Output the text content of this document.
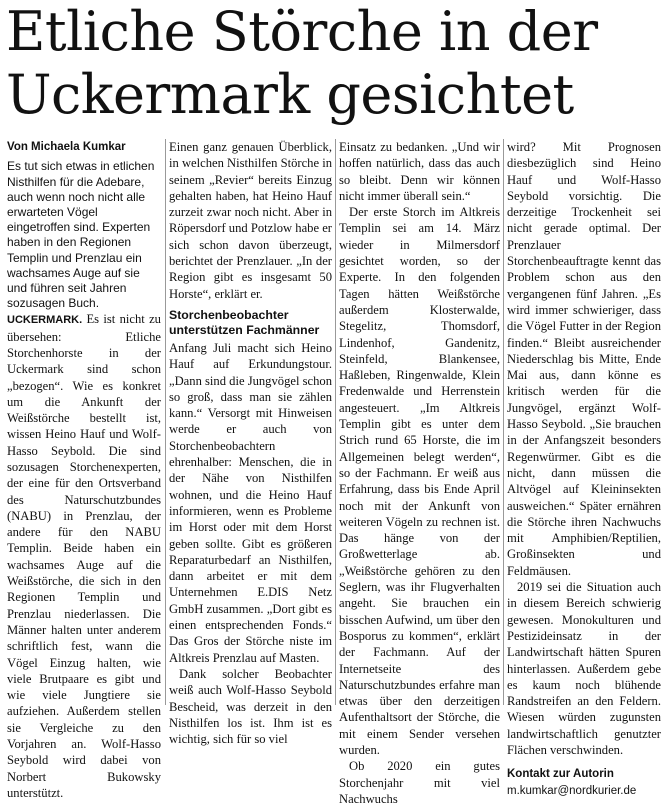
Etliche Störche in der
Uckermark gesichtet
Von Michaela Kumkar

Es tut sich etwas in etlichen Nisthilfen für die Adebare, auch wenn noch nicht alle erwarteten Vögel eingetroffen sind. Experten haben in den Regionen Templin und Prenzlau ein wachsames Auge auf sie und führen seit Jahren sozusagen Buch.

UCKERMARK. Es ist nicht zu übersehen: Etliche Storchenhorste in der Uckermark sind schon „bezogen“. Wie es konkret um die Ankunft der Weißstörche bestellt ist, wissen Heino Hauf und Wolf-Hasso Seybold. Die sind sozusagen Storchenexperten, der eine für den Ortsverband des Naturschutzbundes (NABU) in Prenzlau, der andere für den NABU Templin. Beide haben ein wachsames Auge auf die Weißstörche, die sich in den Regionen Templin und Prenzlau niederlassen. Die Männer halten unter anderem schriftlich fest, wann die Vögel Einzug halten, wie viele Brutpaare es gibt und wie viele Jungtiere sie aufziehen. Außerdem stellen sie Vergleiche zu den Vorjahren an. Wolf-Hasso Seybold wird dabei von Norbert Bukowsky unterstützt.

Einen ganz genauen Überblick, in welchen Nisthilfen Störche in seinem „Revier“ bereits Einzug gehalten haben, hat Heino Hauf zurzeit zwar noch nicht. Aber in Röpersdorf und Potzlow habe er sich schon davon überzeugt, berichtet der Prenzlauer. „In der Region gibt es insgesamt 50 Horste“, erklärt er.

Storchenbeobachter unterstützen Fachmänner

Anfang Juli macht sich Heino Hauf auf Erkundungstour. „Dann sind die Jungvögel schon so groß, dass man sie zählen kann.“ Versorgt mit Hinweisen werde er auch von Storchenbeobachtern ehrenhalber: Menschen, die in der Nähe von Nisthilfen wohnen, und die Heino Hauf informieren, wenn es Probleme im Horst oder mit dem Horst geben sollte. Gibt es größeren Reparaturbedarf an Nisthilfen, dann arbeitet er mit dem Unternehmen E.DIS Netz GmbH zusammen. „Dort gibt es einen entsprechenden Fonds.“ Das Gros der Störche niste im Altkreis Prenzlau auf Masten.

Dank solcher Beobachter weiß auch Wolf-Hasso Seybold Bescheid, was derzeit in den Nisthilfen los ist. Ihm ist es wichtig, sich für so viel

Einsatz zu bedanken. „Und wir hoffen natürlich, dass das auch so bleibt. Denn wir können nicht immer überall sein.“

Der erste Storch im Altkreis Templin sei am 14. März wieder in Milmersdorf gesichtet worden, so der Experte. In den folgenden Tagen hätten Weißstörche außerdem Klosterwalde, Stegelitz, Thomsdorf, Lindenhof, Gandenitz, Steinfeld, Blankensee, Haßleben, Ringenwalde, Klein Fredenwalde und Herrenstein angesteuert. „Im Altkreis Templin gibt es unter dem Strich rund 65 Horste, die im Allgemeinen belegt werden“, so der Fachmann. Er weiß aus Erfahrung, dass bis Ende April noch mit der Ankunft von weiteren Vögeln zu rechnen ist. Das hänge von der Großwetterlage ab. „Weißstörche gehören zu den Seglern, was ihr Flugverhalten angeht. Sie brauchen ein bisschen Aufwind, um über den Bosporus zu kommen“, erklärt der Fachmann. Auf der Internetseite des Naturschutzbundes erfahre man etwas über den derzeitigen Aufenthaltsort der Störche, die mit einem Sender versehen wurden.

Ob 2020 ein gutes Storchenjahr mit viel Nachwuchs

wird? Mit Prognosen diesbezüglich sind Heino Hauf und Wolf-Hasso Seybold vorsichtig. Die derzeitige Trockenheit sei nicht gerade optimal. Der Prenzlauer Storchenbeauftragte kennt das Problem schon aus den vergangenen fünf Jahren. „Es wird immer schwieriger, dass die Vögel Futter in der Region finden.“ Bleibt ausreichender Niederschlag bis Mitte, Ende Mai aus, dann könne es kritisch werden für die Jungvögel, ergänzt Wolf-Hasso Seybold. „Sie brauchen in der Anfangszeit besonders Regenwürmer. Gibt es die nicht, dann müssen die Altvögel auf Kleininsekten ausweichen.“ Später ernähren die Störche ihren Nachwuchs mit Amphibien/Reptilien, Großinsekten und Feldmäusen.

2019 sei die Situation auch in diesem Bereich schwierig gewesen. Monokulturen und Pestizideinsatz in der Landwirtschaft hätten Spuren hinterlassen. Außerdem gebe es kaum noch blühende Randstreifen an den Feldern. Wiesen würden zugunsten landwirtschaftlich genutzter Flächen verschwinden.

Kontakt zur Autorin
m.kumkar@nordkurier.de
